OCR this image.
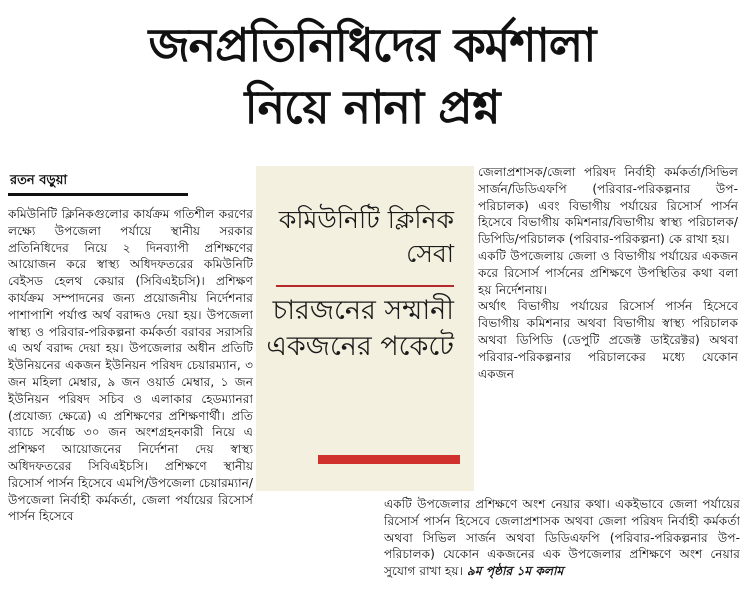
জনপ্রতিনিধিদের কর্মশালা
নিয়ে নানা প্রশ্ন
রতন বড়ুয়া

কমিউনিটি ক্লিনিকগুলোর কার্যক্রম গতিশীল করণের লক্ষ্যে উপজেলা পর্যায়ে স্থানীয় সরকার প্রতিনিধিদের নিয়ে ২ দিনব্যাপী প্রশিক্ষণের আয়োজন করে স্বাস্থ্য অধিদফতরের কমিউনিটি বেইসড হেলথ কেয়ার (সিবিএইচসি)। প্রশিক্ষণ কার্যক্রম সম্পাদনের জন্য প্রয়োজনীয় নির্দেশনার পাশাপাশি পর্যাপ্ত অর্থ বরাদ্দও দেয়া হয়। উপজেলা স্বাস্থ্য ও পরিবার-পরিকল্পনা কর্মকর্তা বরাবর সরাসরি এ অর্থ বরাদ্দ দেয়া হয়। উপজেলার অধীন প্রতিটি ইউনিয়নের একজন ইউনিয়ন পরিষদ চেয়ারম্যান, ৩ জন মহিলা মেম্বার, ৯ জন ওয়ার্ড মেম্বার, ১ জন ইউনিয়ন পরিষদ সচিব ও এলাকার হেডম্যানরা (প্রযোজ্য ক্ষেত্রে) এ প্রশিক্ষণের প্রশিক্ষণার্থী। প্রতি ব্যাচে সর্বোচ্চ ৩০ জন অংশগ্রহনকারী নিয়ে এ প্রশিক্ষণ আয়োজনের নির্দেশনা দেয় স্বাস্থ্য অধিদফতরের সিবিএইচসি। প্রশিক্ষণে স্থানীয় রিসোর্স পার্সন হিসেবে এমপি/উপজেলা চেয়ারম্যান/উপজেলা নির্বাহী কর্মকর্তা, জেলা পর্যায়ের রিসোর্স পার্সন হিসেবে

কমিউনিটি ক্লিনিক সেবা
চারজনের সম্মানী একজনের পকেটে

জেলাপ্রশাসক/জেলা পরিষদ নির্বাহী কর্মকর্তা/সিভিল সার্জন/ডিডিএফপি (পরিবার-পরিকল্পনার উপ-পরিচালক) এবং বিভাগীয় পর্যায়ের রিসোর্স পার্সন হিসেবে বিভাগীয় কমিশনার/বিভাগীয় স্বাস্থ্য পরিচালক/ডিপিডি/পরিচালক (পরিবার-পরিকল্পনা) কে রাখা হয়।

একটি উপজেলায় জেলা ও বিভাগীয় পর্যায়ের একজন করে রিসোর্স পার্সনের প্রশিক্ষণে উপস্থিতির কথা বলা হয় নির্দেশনায়।

অর্থাৎ বিভাগীয় পর্যায়ের রিসোর্স পার্সন হিসেবে বিভাগীয় কমিশনার অথবা বিভাগীয় স্বাস্থ্য পরিচালক অথবা ডিপিডি (ডেপুটি প্রজেক্ট ডাইরেক্টর) অথবা পরিবার-পরিকল্পনার পরিচালকের মধ্যে যেকোন একজন

একটি উপজেলার প্রশিক্ষণে অংশ নেয়ার কথা। একইভাবে জেলা পর্যায়ের রিসোর্স পার্সন হিসেবে জেলাপ্রশাসক অথবা জেলা পরিষদ নির্বাহী কর্মকর্তা অথবা সিভিল সার্জন অথবা ডিডিএফপি (পরিবার-পরিকল্পনার উপ-পরিচালক) যেকোন একজনের এক উপজেলার প্রশিক্ষণে অংশ নেয়ার সুযোগ রাখা হয়। ৯ম পৃষ্ঠার ১ম কলাম
